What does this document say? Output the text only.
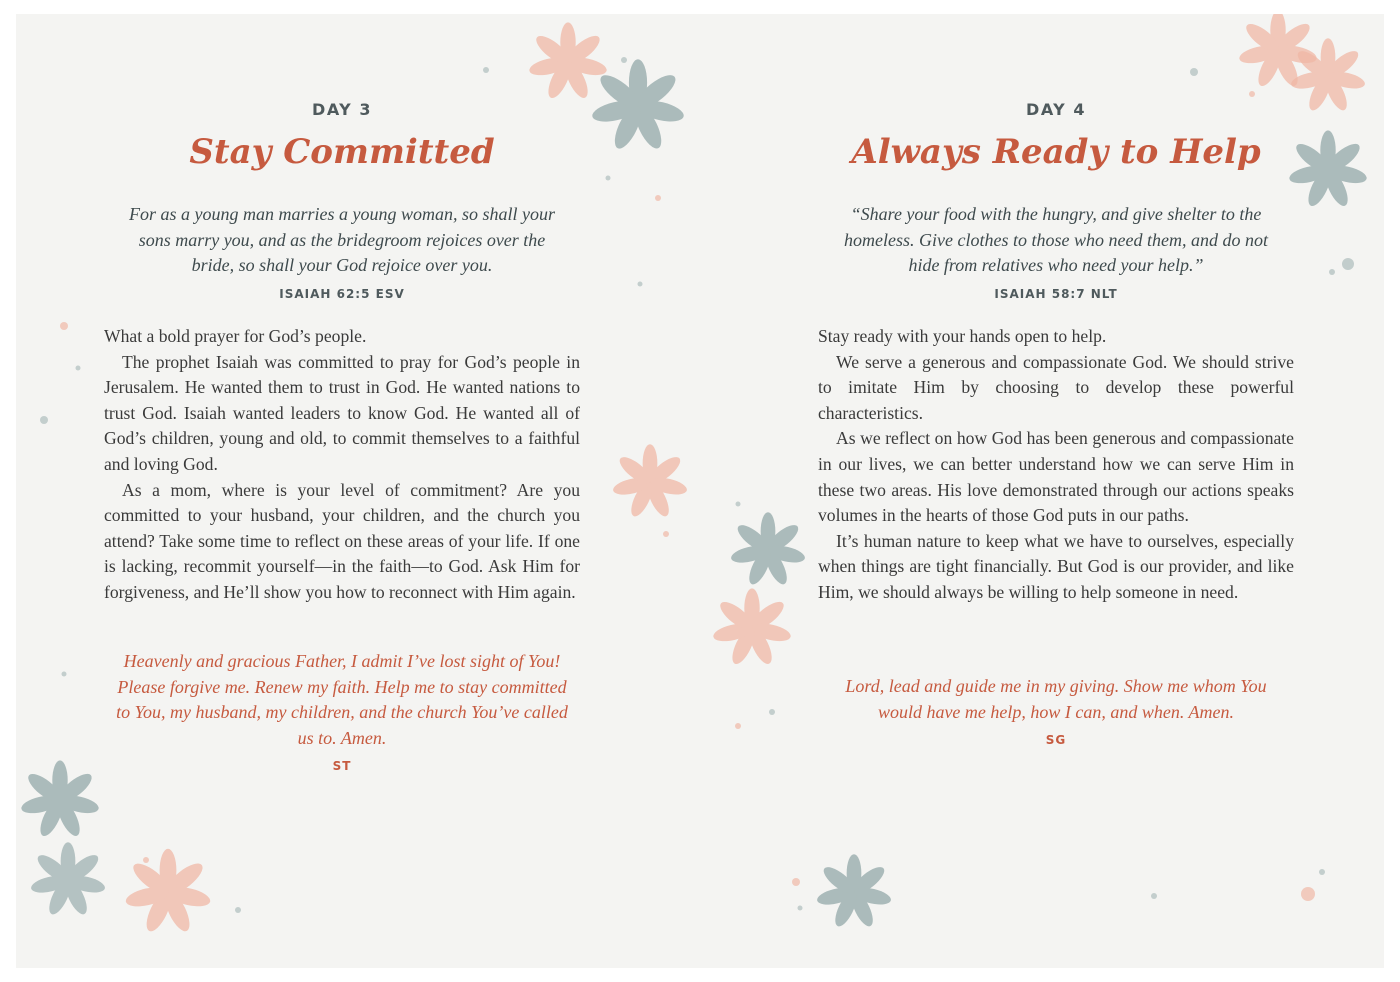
DAY 3
Stay Committed
For as a young man marries a young woman, so shall your sons marry you, and as the bridegroom rejoices over the bride, so shall your God rejoice over you.
ISAIAH 62:5 ESV

What a bold prayer for God’s people.

The prophet Isaiah was committed to pray for God’s people in Jerusalem. He wanted them to trust in God. He wanted nations to trust God. Isaiah wanted leaders to know God. He wanted all of God’s children, young and old, to commit themselves to a faithful and loving God.

As a mom, where is your level of commitment? Are you committed to your husband, your children, and the church you attend? Take some time to reflect on these areas of your life. If one is lacking, recommit yourself—in the faith—to God. Ask Him for forgiveness, and He’ll show you how to reconnect with Him again.

Heavenly and gracious Father, I admit I’ve lost sight of You! Please forgive me. Renew my faith. Help me to stay committed to You, my husband, my children, and the church You’ve called us to. Amen.
ST
DAY 4
Always Ready to Help
“Share your food with the hungry, and give shelter to the homeless. Give clothes to those who need them, and do not hide from relatives who need your help.”
ISAIAH 58:7 NLT

Stay ready with your hands open to help.

We serve a generous and compassionate God. We should strive to imitate Him by choosing to develop these powerful characteristics.

As we reflect on how God has been generous and compassionate in our lives, we can better understand how we can serve Him in these two areas. His love demonstrated through our actions speaks volumes in the hearts of those God puts in our paths.

It’s human nature to keep what we have to ourselves, especially when things are tight financially. But God is our provider, and like Him, we should always be willing to help someone in need.

Lord, lead and guide me in my giving. Show me whom You would have me help, how I can, and when. Amen.
SG
